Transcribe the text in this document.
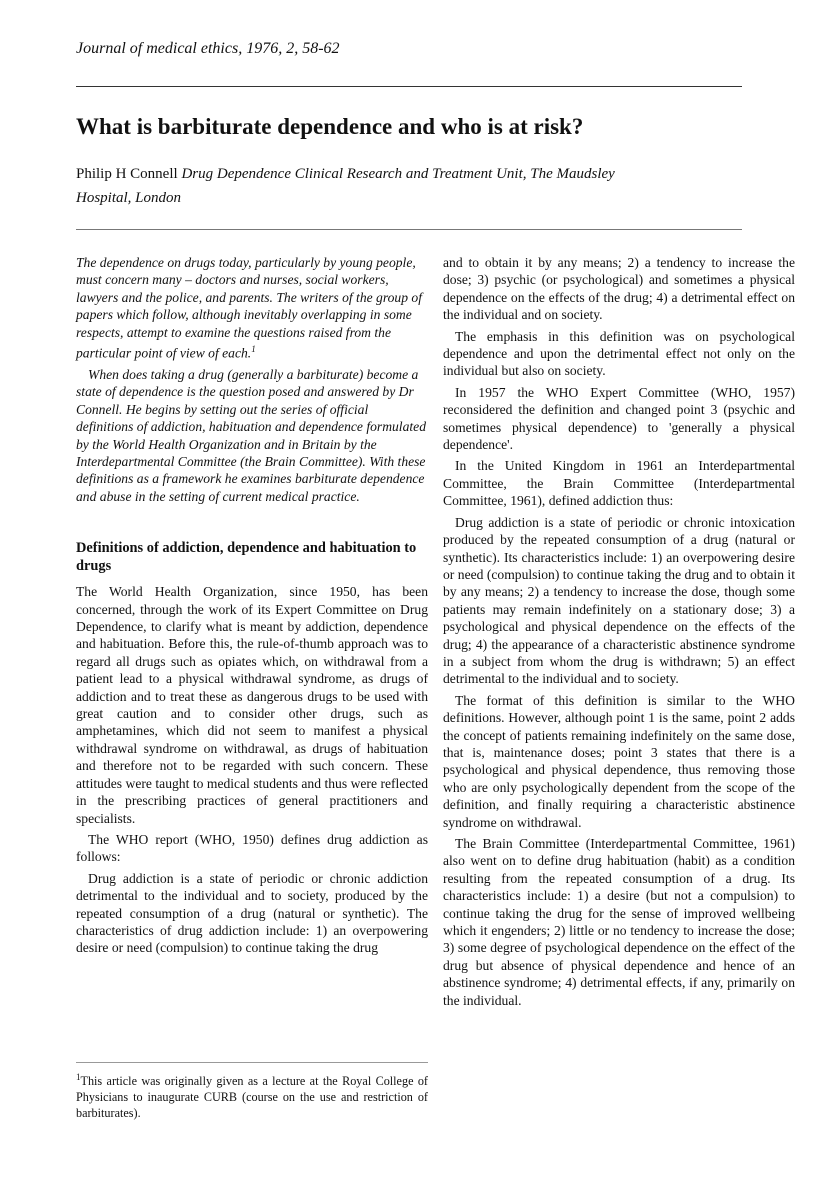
Journal of medical ethics, 1976, 2, 58-62
What is barbiturate dependence and who is at risk?
Philip H Connell Drug Dependence Clinical Research and Treatment Unit, The Maudsley Hospital, London

The dependence on drugs today, particularly by young people, must concern many – doctors and nurses, social workers, lawyers and the police, and parents. The writers of the group of papers which follow, although inevitably overlapping in some respects, attempt to examine the questions raised from the particular point of view of each.$^1$

When does taking a drug (generally a barbiturate) become a state of dependence is the question posed and answered by Dr Connell. He begins by setting out the series of official definitions of addiction, habituation and dependence formulated by the World Health Organization and in Britain by the Interdepartmental Committee (the Brain Committee). With these definitions as a framework he examines barbiturate dependence and abuse in the setting of current medical practice.

Definitions of addiction, dependence and habituation to drugs

The World Health Organization, since 1950, has been concerned, through the work of its Expert Committee on Drug Dependence, to clarify what is meant by addiction, dependence and habituation. Before this, the rule-of-thumb approach was to regard all drugs such as opiates which, on withdrawal from a patient lead to a physical withdrawal syndrome, as drugs of addiction and to treat these as dangerous drugs to be used with great caution and to consider other drugs, such as amphetamines, which did not seem to manifest a physical withdrawal syndrome on withdrawal, as drugs of habituation and therefore not to be regarded with such concern. These attitudes were taught to medical students and thus were reflected in the prescribing practices of general practitioners and specialists.

The WHO report (WHO, 1950) defines drug addiction as follows:

Drug addiction is a state of periodic or chronic addiction detrimental to the individual and to society, produced by the repeated consumption of a drug (natural or synthetic). The characteristics of drug addiction include: 1) an overpowering desire or need (compulsion) to continue taking the drug

$^1$This article was originally given as a lecture at the Royal College of Physicians to inaugurate CURB (course on the use and restriction of barbiturates).

and to obtain it by any means; 2) a tendency to increase the dose; 3) psychic (or psychological) and sometimes a physical dependence on the effects of the drug; 4) a detrimental effect on the individual and on society.

The emphasis in this definition was on psychological dependence and upon the detrimental effect not only on the individual but also on society.

In 1957 the WHO Expert Committee (WHO, 1957) reconsidered the definition and changed point 3 (psychic and sometimes physical dependence) to 'generally a physical dependence'.

In the United Kingdom in 1961 an Interdepartmental Committee, the Brain Committee (Interdepartmental Committee, 1961), defined addiction thus:

Drug addiction is a state of periodic or chronic intoxication produced by the repeated consumption of a drug (natural or synthetic). Its characteristics include: 1) an overpowering desire or need (compulsion) to continue taking the drug and to obtain it by any means; 2) a tendency to increase the dose, though some patients may remain indefinitely on a stationary dose; 3) a psychological and physical dependence on the effects of the drug; 4) the appearance of a characteristic abstinence syndrome in a subject from whom the drug is withdrawn; 5) an effect detrimental to the individual and to society.

The format of this definition is similar to the WHO definitions. However, although point 1 is the same, point 2 adds the concept of patients remaining indefinitely on the same dose, that is, maintenance doses; point 3 states that there is a psychological and physical dependence, thus removing those who are only psychologically dependent from the scope of the definition, and finally requiring a characteristic abstinence syndrome on withdrawal.

The Brain Committee (Interdepartmental Committee, 1961) also went on to define drug habituation (habit) as a condition resulting from the repeated consumption of a drug. Its characteristics include: 1) a desire (but not a compulsion) to continue taking the drug for the sense of improved wellbeing which it engenders; 2) little or no tendency to increase the dose; 3) some degree of psychological dependence on the effect of the drug but absence of physical dependence and hence of an abstinence syndrome; 4) detrimental effects, if any, primarily on the individual.
